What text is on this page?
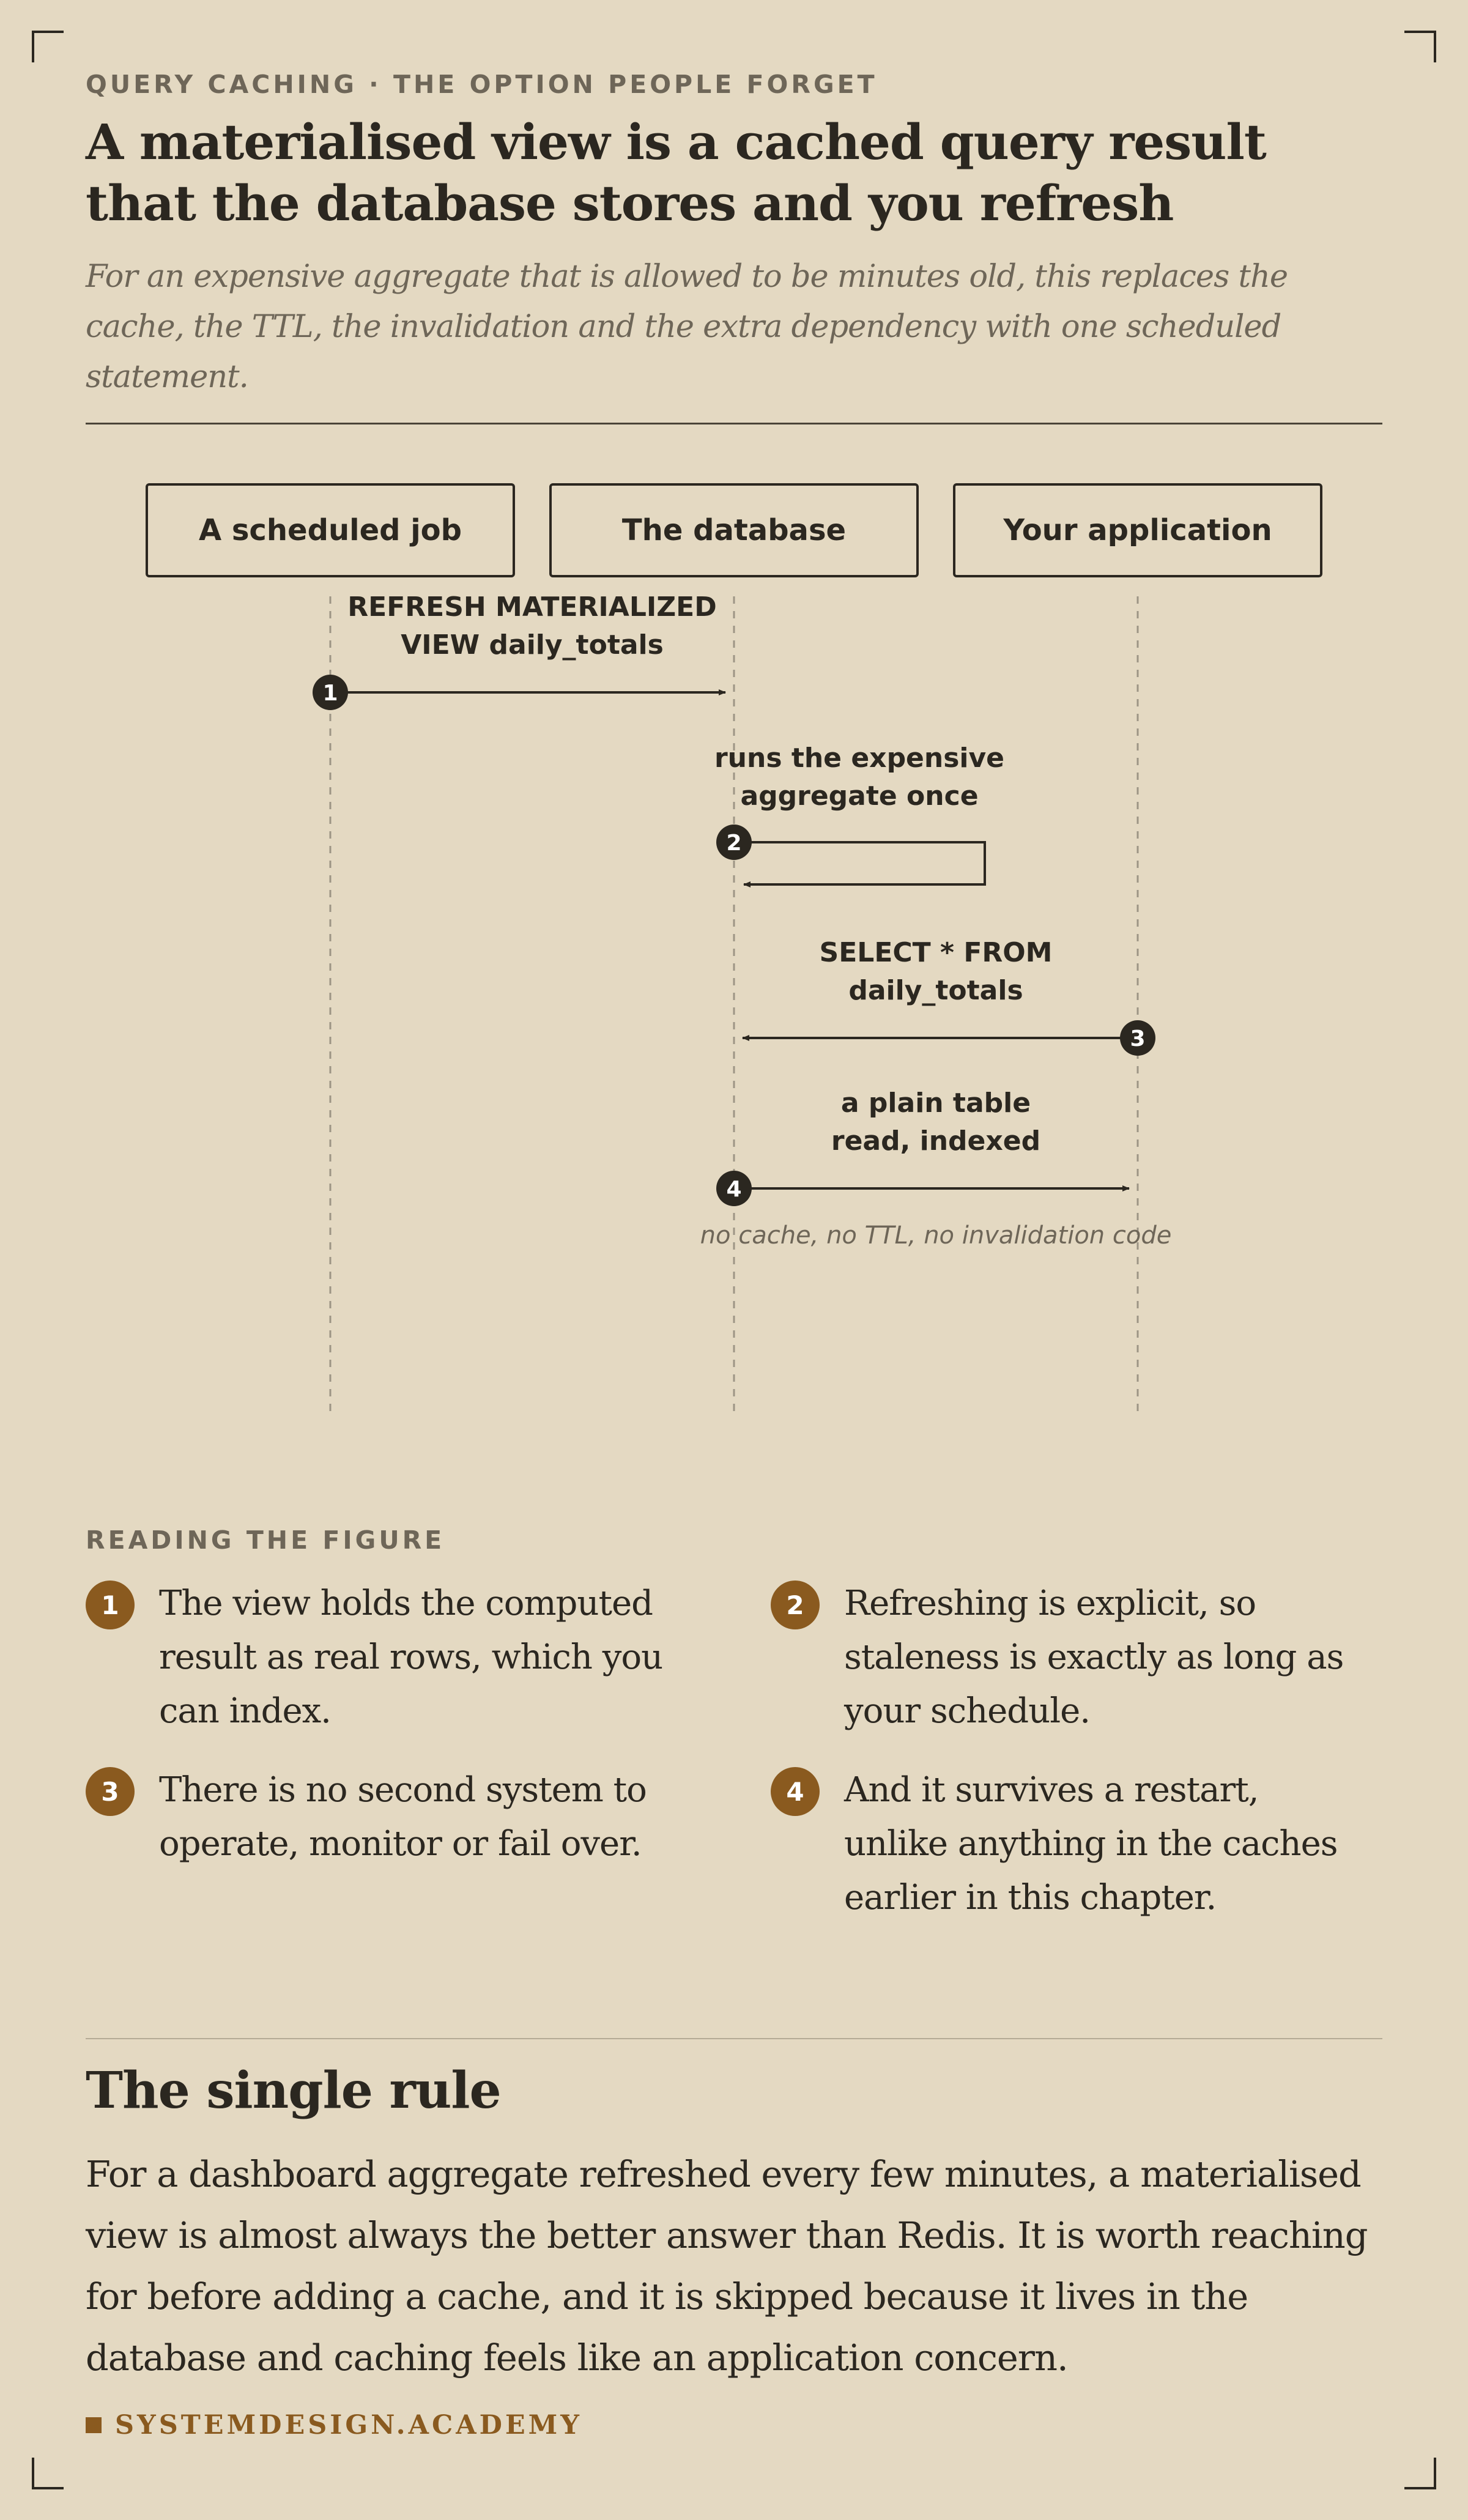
QUERY CACHING · THE OPTION PEOPLE FORGET
A materialised view is a cached query result that the database stores and you refresh

For an expensive aggregate that is allowed to be minutes old, this replaces the cache, the TTL, the invalidation and the extra dependency with one scheduled statement.

A scheduled job	The database	Your application
REFRESH MATERIALIZED
VIEW daily_totals
1
runs the expensive
aggregate once
2
SELECT * FROM
daily_totals
3
a plain table
read, indexed
4
no cache, no TTL, no invalidation code
READING THE FIGURE
1	The view holds the computed result as real rows, which you can index.
2	Refreshing is explicit, so staleness is exactly as long as your schedule.
3	There is no second system to operate, monitor or fail over.
4	And it survives a restart, unlike anything in the caches earlier in this chapter.
The single rule

For a dashboard aggregate refreshed every few minutes, a materialised view is almost always the better answer than Redis. It is worth reaching for before adding a cache, and it is skipped because it lives in the database and caching feels like an application concern.

SYSTEMDESIGN.ACADEMY
